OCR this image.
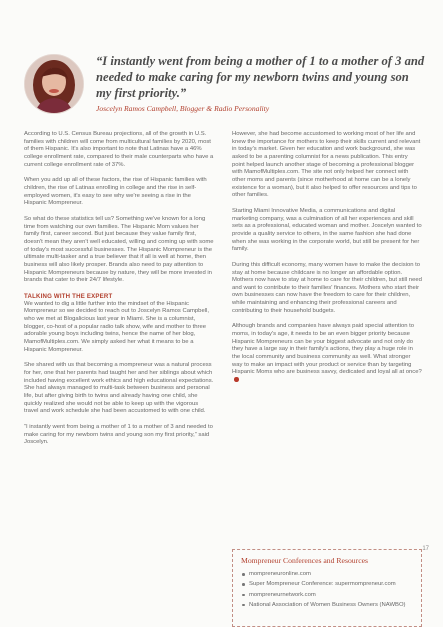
“I instantly went from being a mother of 1 to a mother of 3 and needed to make caring for my newborn twins and young son my first priority.”
Joscelyn Ramos Campbell, Blogger & Radio Personality

According to U.S. Census Bureau projections, all of the growth in U.S. families with children will come from multicultural families by 2020, most of them Hispanic. It's also important to note that Latinas have a 46% college enrollment rate, compared to their male counterparts who have a current college enrollment rate of 37%.

When you add up all of these factors, the rise of Hispanic families with children, the rise of Latinas enrolling in college and the rise in self-employed women, it's easy to see why we're seeing a rise in the Hispanic Mompreneur.

So what do these statistics tell us? Something we've known for a long time from watching our own families. The Hispanic Mom values her family first, career second. But just because they value family first, doesn't mean they aren't well educated, willing and coming up with some of today's most successful businesses. The Hispanic Mompreneur is the ultimate multi-tasker and a true believer that if all is well at home, then business will also likely prosper. Brands also need to pay attention to Hispanic Mompreneurs because by nature, they will be more invested in brands that cater to their 24/7 lifestyle.

TALKING WITH THE EXPERT

We wanted to dig a little further into the mindset of the Hispanic Mompreneur so we decided to reach out to Joscelyn Ramos Campbell, who we met at Blogalicious last year in Miami. She is a columnist, blogger, co-host of a popular radio talk show, wife and mother to three adorable young boys including twins, hence the name of her blog, MamofMultiples.com. We simply asked her what it means to be a Hispanic Mompreneur.

She shared with us that becoming a mompreneur was a natural process for her, one that her parents had taught her and her siblings about which included having excellent work ethics and high educational expectations. She had always managed to multi-task between business and personal life, but after giving birth to twins and already having one child, she quickly realized she would not be able to keep up with the vigorous travel and work schedule she had been accustomed to with one child.

“I instantly went from being a mother of 1 to a mother of 3 and needed to make caring for my newborn twins and young son my first priority,” said Joscelyn.

However, she had become accustomed to working most of her life and knew the importance for mothers to keep their skills current and relevant in today's market. Given her education and work background, she was asked to be a parenting columnist for a news publication. This entry point helped launch another stage of becoming a professional blogger with MamofMultiples.com. The site not only helped her connect with other moms and parents (since motherhood at home can be a lonely existence for a woman), but it also helped to offer resources and tips to other families.

Starting Miami Innovative Media, a communications and digital marketing company, was a culmination of all her experiences and skill sets as a professional, educated woman and mother. Joscelyn wanted to provide a quality service to others, in the same fashion she had done when she was working in the corporate world, but still be present for her family.

During this difficult economy, many women have to make the decision to stay at home because childcare is no longer an affordable option. Mothers now have to stay at home to care for their children, but still need and want to contribute to their families' finances. Mothers who start their own businesses can now have the freedom to care for their children, while maintaining and enhancing their professional careers and contributing to their household budgets.

Although brands and companies have always paid special attention to moms, in today's age, it needs to be an even bigger priority because Hispanic Mompreneurs can be your biggest advocate and not only do they have a large say in their family's actions, they play a huge role in the local community and business community as well. What stronger way to make an impact with your product or service than by targeting Hispanic Moms who are business savvy, dedicated and loyal all at once?

Mompreneur Conferences and Resources
mompreneuronline.com
Super Mompreneur Conference: supermompreneur.com
mompreneurnetwork.com
National Association of Women Business Owners (NAWBO)
17
